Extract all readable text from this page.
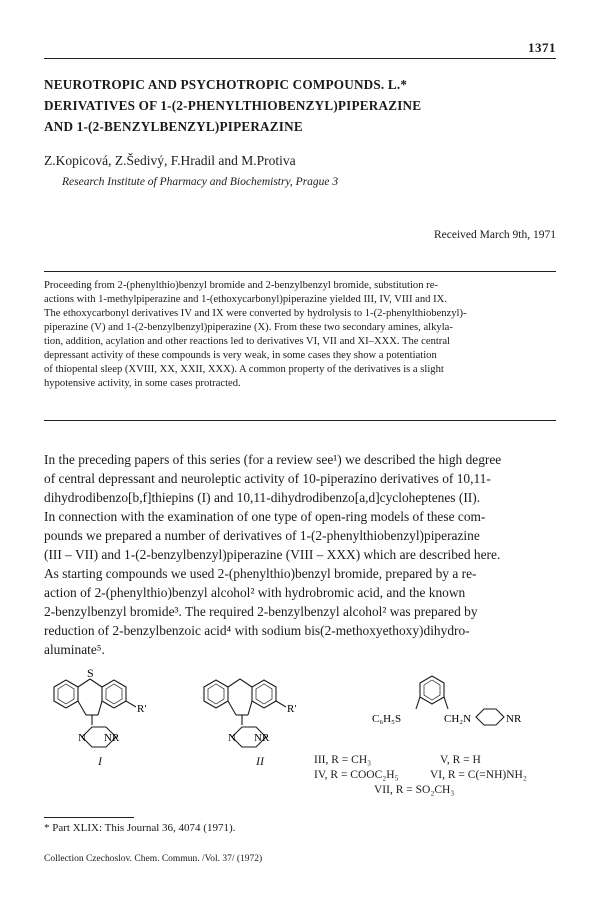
1371
NEUROTROPIC AND PSYCHOTROPIC COMPOUNDS. L.*
DERIVATIVES OF 1-(2-PHENYLTHIOBENZYL)PIPERAZINE
AND 1-(2-BENZYLBENZYL)PIPERAZINE
Z.Kopicová, Z.Šedivý, F.Hradil and M.Protiva
Research Institute of Pharmacy and Biochemistry, Prague 3
Received March 9th, 1971
Proceeding from 2-(phenylthio)benzyl bromide and 2-benzylbenzyl bromide, substitution re-
actions with 1-methylpiperazine and 1-(ethoxycarbonyl)piperazine yielded III, IV, VIII and IX.
The ethoxycarbonyl derivatives IV and IX were converted by hydrolysis to 1-(2-phenylthiobenzyl)-
piperazine (V) and 1-(2-benzylbenzyl)piperazine (X). From these two secondary amines, alkyla-
tion, addition, acylation and other reactions led to derivatives VI, VII and XI–XXX. The central
depressant activity of these compounds is very weak, in some cases they show a potentiation
of thiopental sleep (XVIII, XX, XXII, XXX). A common property of the derivatives is a slight
hypotensive activity, in some cases protracted.
In the preceding papers of this series (for a review see¹) we described the high degree
of central depressant and neuroleptic activity of 10-piperazino derivatives of 10,11-
dihydrodibenzo[b,f]thiepins (I) and 10,11-dihydrodibenzo[a,d]cycloheptenes (II).
In connection with the examination of one type of open-ring models of these com-
pounds we prepared a number of derivatives of 1-(2-phenylthiobenzyl)piperazine
(III – VII) and 1-(2-benzylbenzyl)piperazine (VIII – XXX) which are described here.
As starting compounds we used 2-(phenylthio)benzyl bromide, prepared by a re-
action of 2-(phenylthio)benzyl alcohol² with hydrobromic acid, and the known
2-benzylbenzyl bromide³. The required 2-benzylbenzyl alcohol² was prepared by
reduction of 2-benzylbenzoic acid⁴ with sodium bis(2-methoxyethoxy)dihydro-
aluminate⁵.
S
R′
N NR
R′
N NR
C₆H₅S	CH₂N	NR
I	II	III, R = CH₃
IV, R = COOC₂H₅
V, R = H
VI, R = C(=NH)NH₂
VII, R = SO₂CH₃
* Part XLIX: This Journal 36, 4074 (1971).
Collection Czechoslov. Chem. Commun. /Vol. 37/ (1972)
